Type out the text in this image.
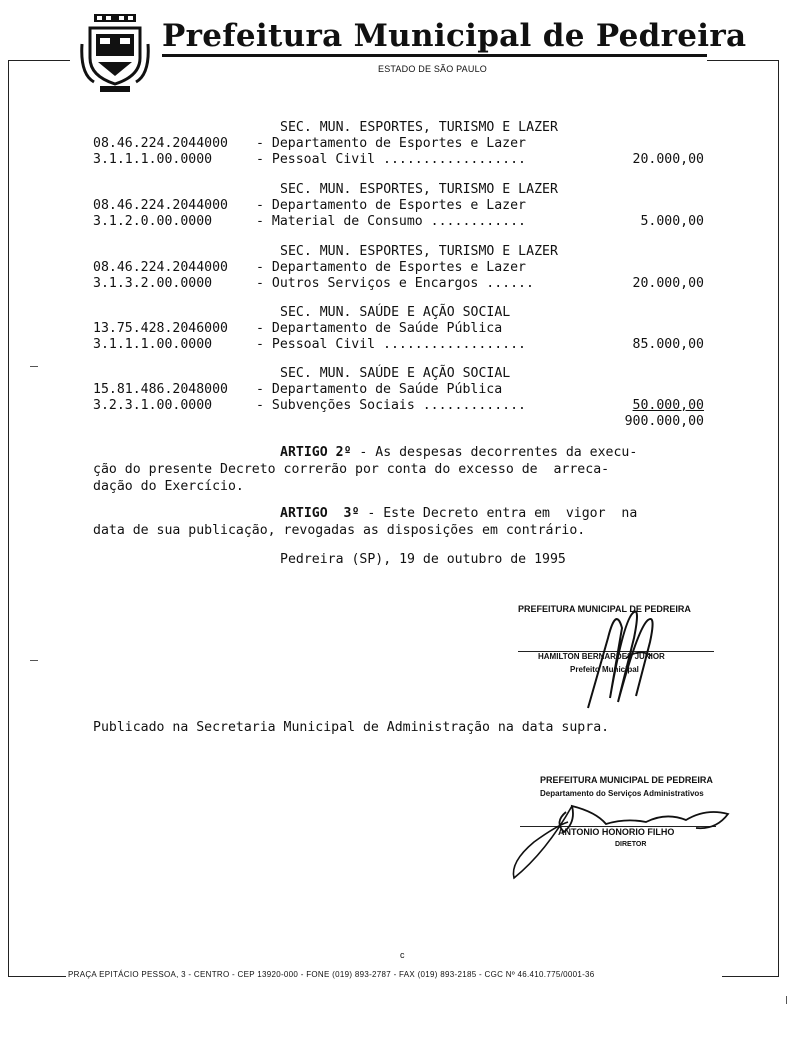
Prefeitura Municipal de Pedreira
ESTADO DE SÃO PAULO
SEC. MUN. ESPORTES, TURISMO E LAZER
08.46.224.2044000 - Departamento de Esportes e Lazer
3.1.1.1.00.0000	- Pessoal Civil ..................	20.000,00
SEC. MUN. ESPORTES, TURISMO E LAZER
08.46.224.2044000 - Departamento de Esportes e Lazer
3.1.2.0.00.0000	- Material de Consumo ............	5.000,00
SEC. MUN. ESPORTES, TURISMO E LAZER
08.46.224.2044000 - Departamento de Esportes e Lazer
3.1.3.2.00.0000	- Outros Serviços e Encargos ......	20.000,00
SEC. MUN. SAÚDE E AÇÃO SOCIAL
13.75.428.2046000 - Departamento de Saúde Pública
3.1.1.1.00.0000	- Pessoal Civil ..................	85.000,00
SEC. MUN. SAÚDE E AÇÃO SOCIAL
15.81.486.2048000 - Departamento de Saúde Pública
3.2.3.1.00.0000	- Subvenções Sociais .............	50.000,00
900.000,00
ARTIGO 2º - As despesas decorrentes da execu-
ção do presente Decreto correrão por conta do excesso de  arreca-
dação do Exercício.
ARTIGO  3º - Este Decreto entra em  vigor  na
data de sua publicação, revogadas as disposições em contrário.
Pedreira (SP), 19 de outubro de 1995
PREFEITURA MUNICIPAL DE PEDREIRA
HAMILTON BERNARDES JUNIOR
Prefeito Municipal
Publicado na Secretaria Municipal de Administração na data supra.
PREFEITURA MUNICIPAL DE PEDREIRA
Departamento do Serviços Administrativos
ANTONIO HONORIO FILHO
DIRETOR
c
PRAÇA EPITÁCIO PESSOA, 3 - CENTRO - CEP 13920-000 - FONE (019) 893-2787 - FAX (019) 893-2185 - CGC Nº 46.410.775/0001-36
